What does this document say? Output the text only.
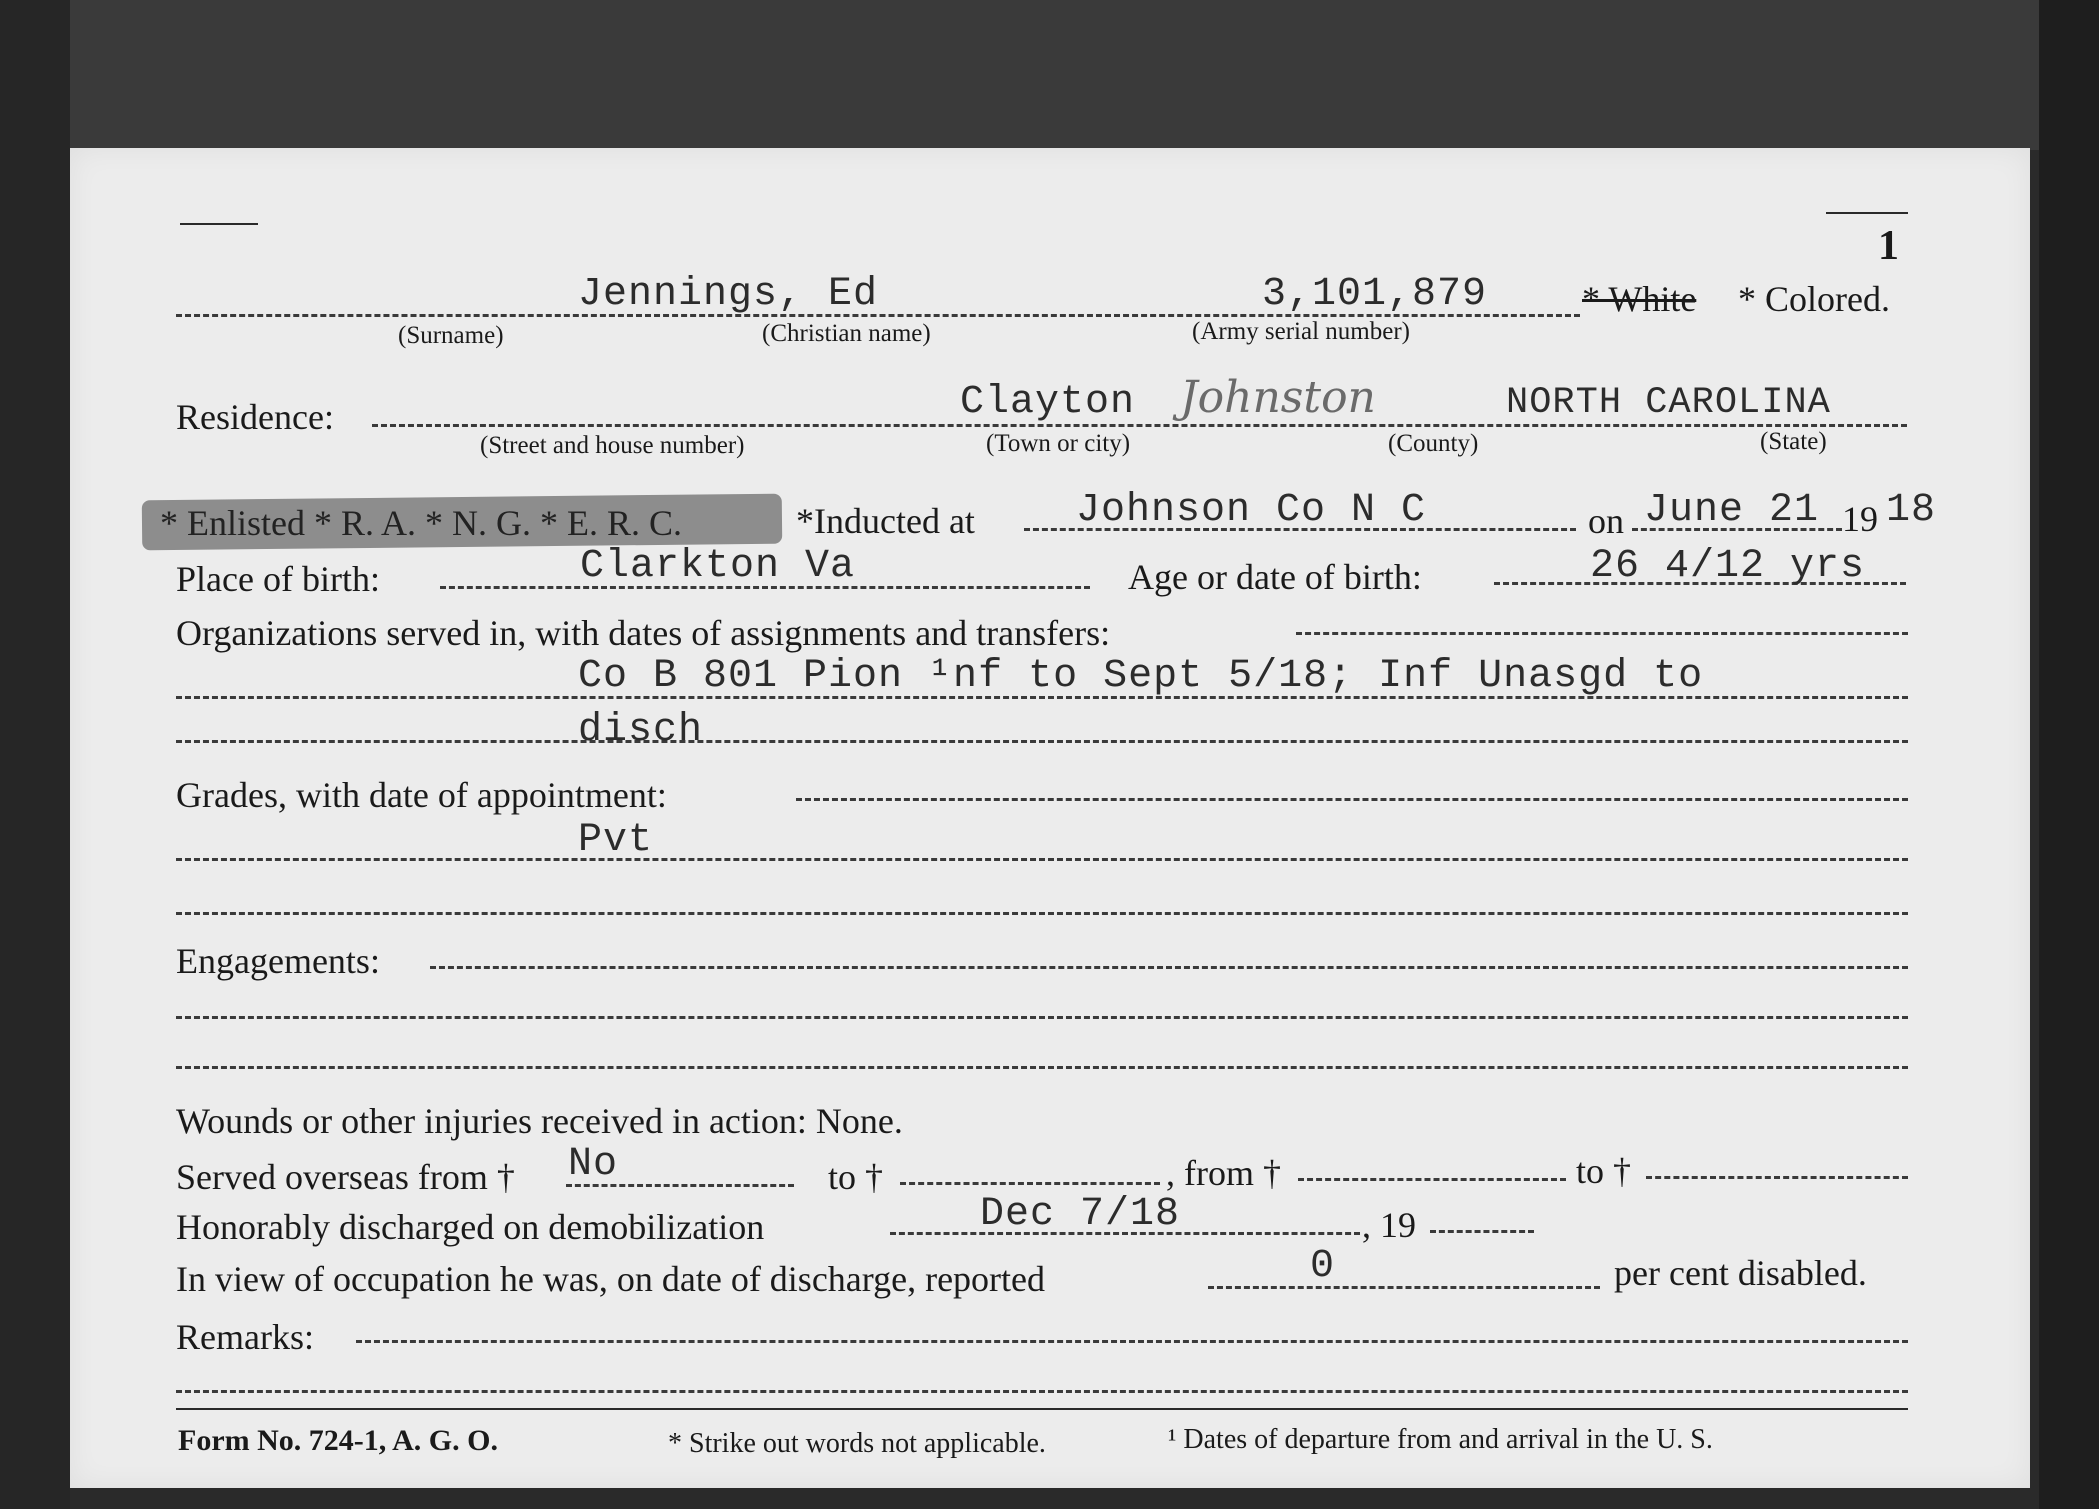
1
Jennings, Ed	3,101,879	* White * Colored.
(Surname)	(Christian name)	(Army serial number)
Residence:	Clayton Johnston	NORTH CAROLINA
(Street and house number)	(Town or city)	(County)	(State)
* Enlisted * R. A. * N. G. * E. R. C.	*Inducted at	Johnson Co N C	on June 21 19 18
Place of birth:	Clarkton Va	Age or date of birth:	26 4/12 yrs
Organizations served in, with dates of assignments and transfers:
Co B 801 Pion ¹nf to Sept 5/18; Inf Unasgd to
disch
Grades, with date of appointment:
Pvt
Engagements:
Wounds or other injuries received in action: None.
Served overseas from † No	to †	, from †	to †
Honorably discharged on demobilization	Dec 7/18	, 19
In view of occupation he was, on date of discharge, reported	0	per cent disabled.
Remarks:
Form No. 724-1, A. G. O.	* Strike out words not applicable.	¹ Dates of departure from and arrival in the U. S.
